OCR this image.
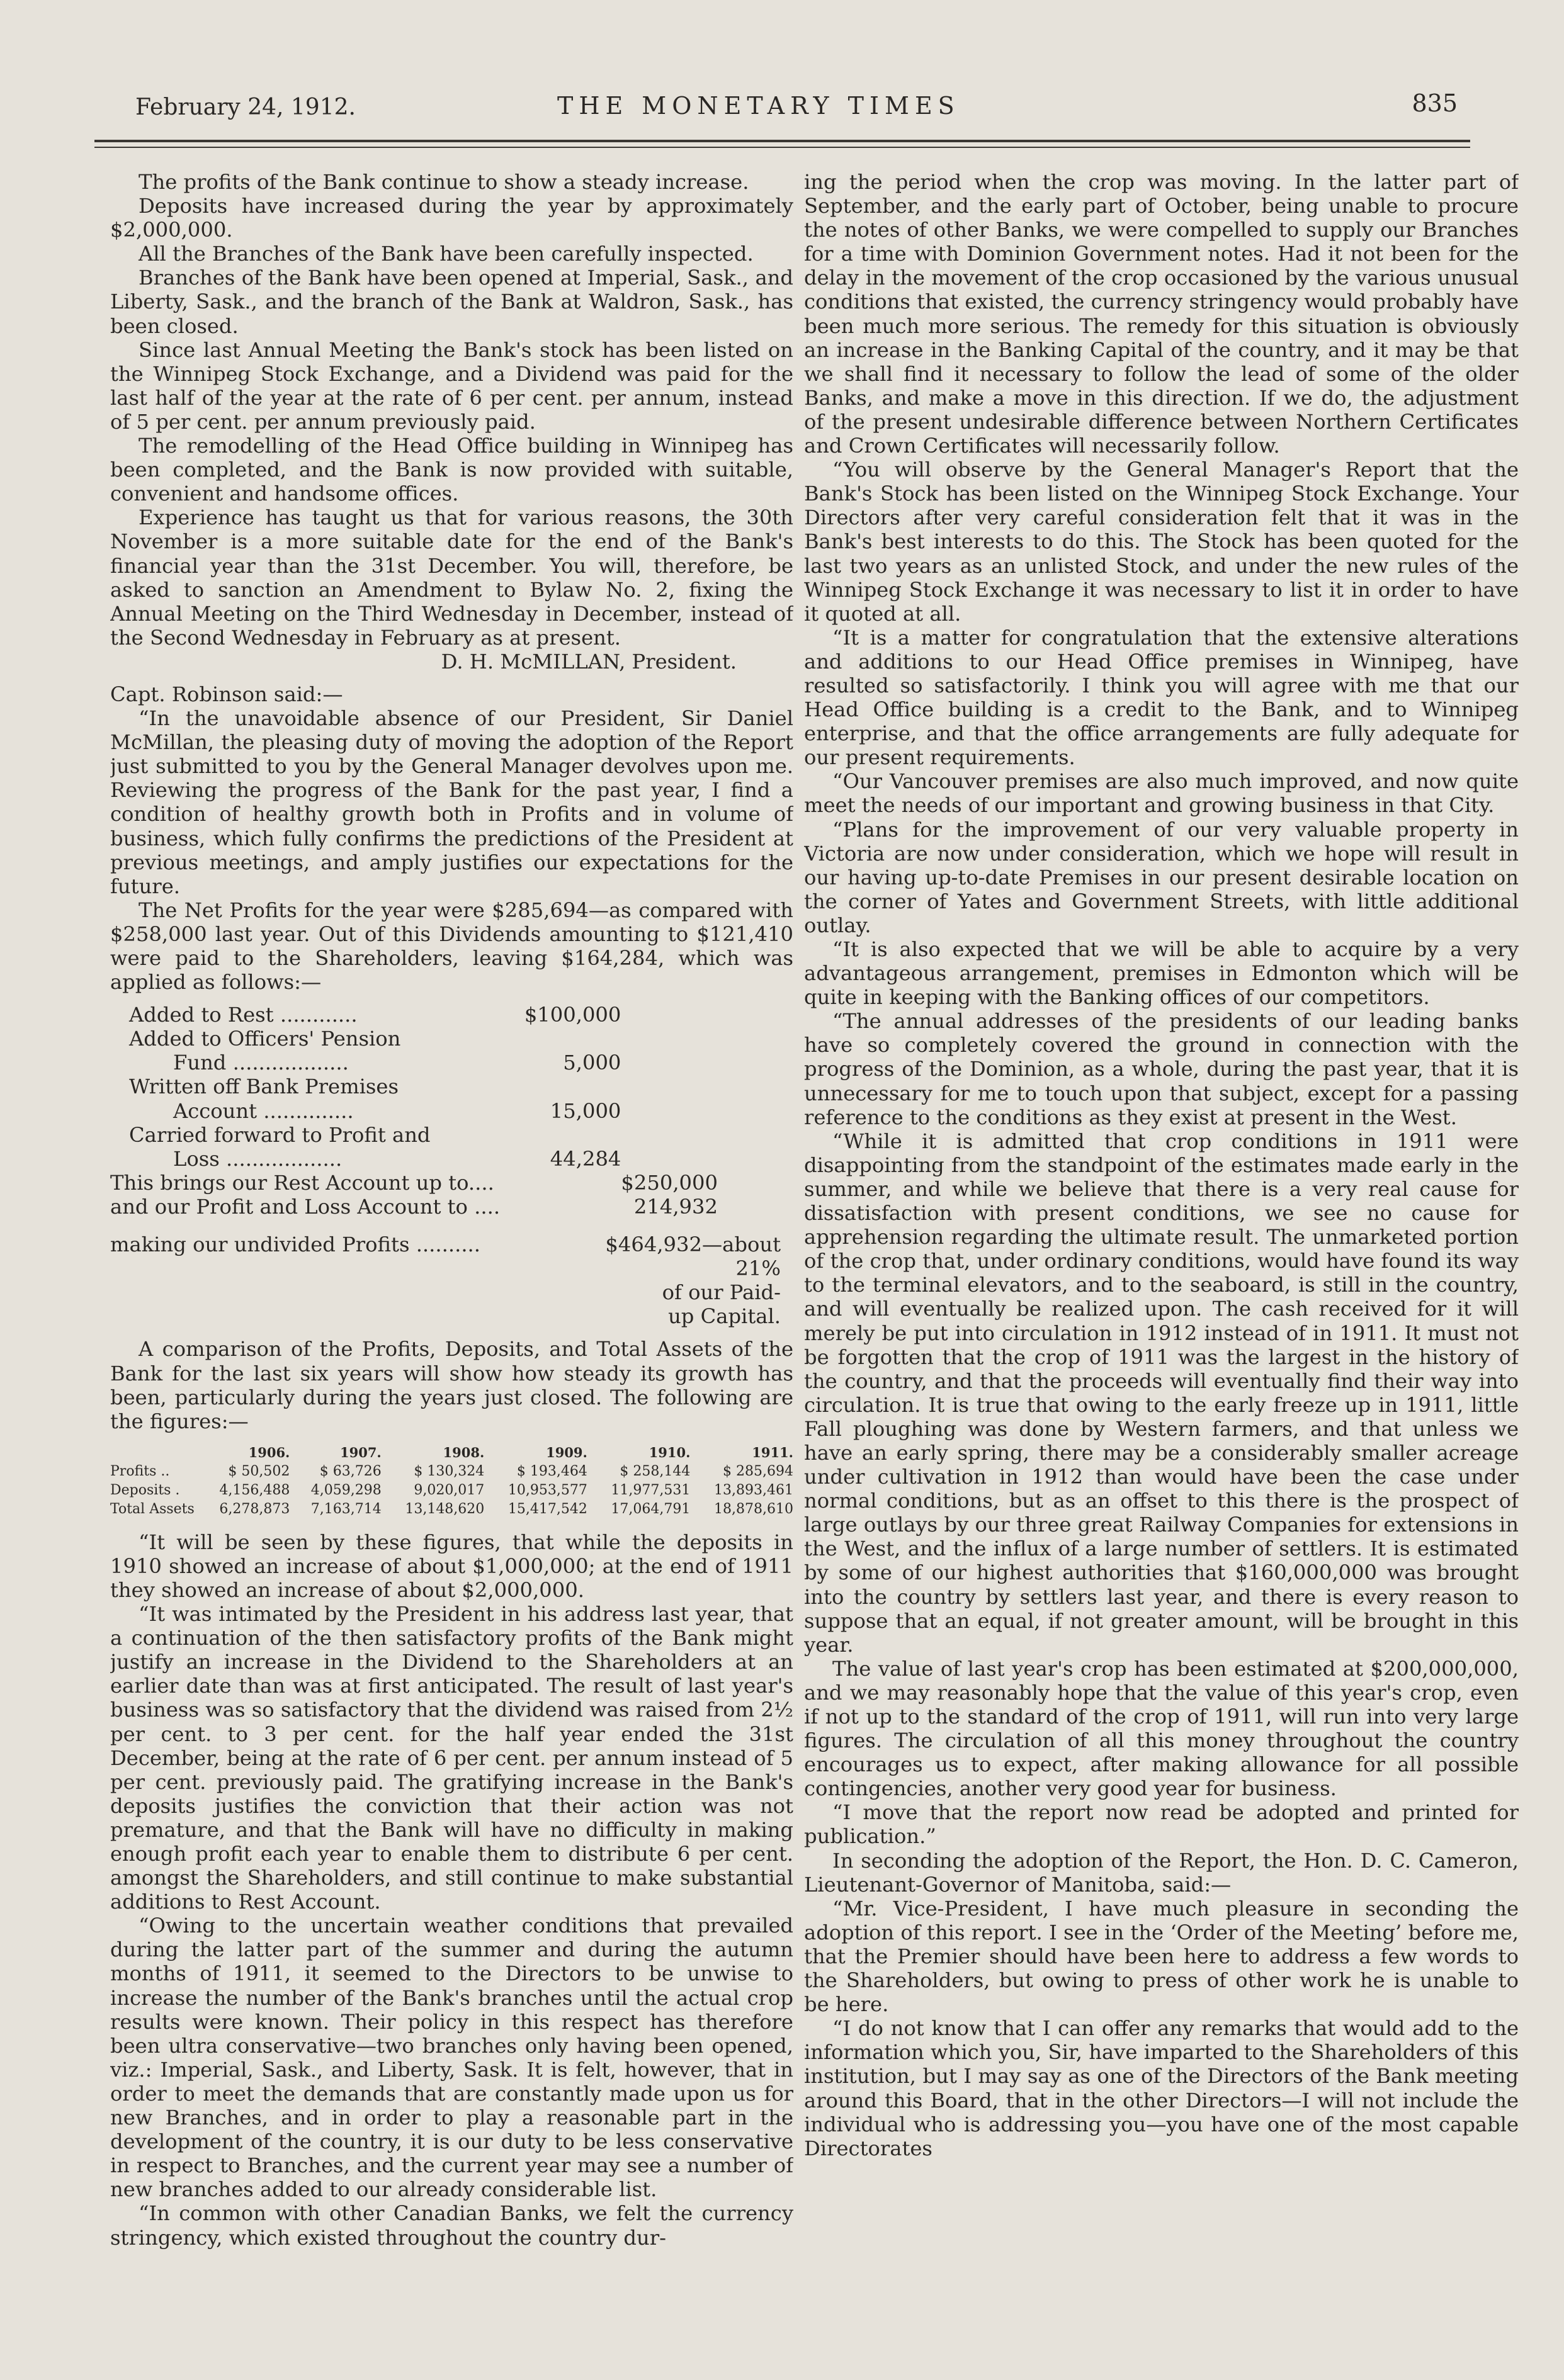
February 24, 1912.	THE MONETARY TIMES	835

The profits of the Bank continue to show a steady increase.

Deposits have increased during the year by approximately $2,000,000.

All the Branches of the Bank have been carefully inspected.

Branches of the Bank have been opened at Imperial, Sask., and Liberty, Sask., and the branch of the Bank at Waldron, Sask., has been closed.

Since last Annual Meeting the Bank's stock has been listed on the Winnipeg Stock Exchange, and a Dividend was paid for the last half of the year at the rate of 6 per cent. per annum, instead of 5 per cent. per annum previously paid.

The remodelling of the Head Office building in Winnipeg has been completed, and the Bank is now provided with suitable, convenient and handsome offices.

Experience has taught us that for various reasons, the 30th November is a more suitable date for the end of the Bank's financial year than the 31st December. You will, therefore, be asked to sanction an Amendment to Bylaw No. 2, fixing the Annual Meeting on the Third Wednesday in December, instead of the Second Wednesday in February as at present.

D. H. McMILLAN, President.

Capt. Robinson said:—

“In the unavoidable absence of our President, Sir Daniel McMillan, the pleasing duty of moving the adoption of the Report just submitted to you by the General Manager devolves upon me. Reviewing the progress of the Bank for the past year, I find a condition of healthy growth both in Profits and in volume of business, which fully confirms the predictions of the President at previous meetings, and amply justifies our expectations for the future.

The Net Profits for the year were $285,694—as compared with $258,000 last year. Out of this Dividends amounting to $121,410 were paid to the Shareholders, leaving $164,284, which was applied as follows:—

Added to Rest ............	$100,000	
Added to Officers' Pension		
Fund ..................	5,000	
Written off Bank Premises		
Account ..............	15,000	
Carried forward to Profit and		
Loss ..................	44,284	
This brings our Rest Account up to....		$250,000
and our Profit and Loss Account to ....		214,932
making our undivided Profits ..........	$464,932—about 21%
of our Paid-
up Capital.

A comparison of the Profits, Deposits, and Total Assets of the Bank for the last six years will show how steady its growth has been, particularly during the years just closed. The following are the figures:—

	1906.	1907.	1908.	1909.	1910.	1911.
Profits ..	$ 50,502	$ 63,726	$ 130,324	$ 193,464	$ 258,144	$ 285,694
Deposits .	4,156,488	4,059,298	9,020,017	10,953,577	11,977,531	13,893,461
Total Assets	6,278,873	7,163,714	13,148,620	15,417,542	17,064,791	18,878,610

“It will be seen by these figures, that while the deposits in 1910 showed an increase of about $1,000,000; at the end of 1911 they showed an increase of about $2,000,000.

“It was intimated by the President in his address last year, that a continuation of the then satisfactory profits of the Bank might justify an increase in the Dividend to the Shareholders at an earlier date than was at first anticipated. The result of last year's business was so satisfactory that the dividend was raised from 2½ per cent. to 3 per cent. for the half year ended the 31st December, being at the rate of 6 per cent. per annum instead of 5 per cent. previously paid. The gratifying increase in the Bank's deposits justifies the conviction that their action was not premature, and that the Bank will have no difficulty in making enough profit each year to enable them to distribute 6 per cent. amongst the Shareholders, and still continue to make substantial additions to Rest Account.

“Owing to the uncertain weather conditions that prevailed during the latter part of the summer and during the autumn months of 1911, it seemed to the Directors to be unwise to increase the number of the Bank's branches until the actual crop results were known. Their policy in this respect has therefore been ultra conservative—two branches only having been opened, viz.: Imperial, Sask., and Liberty, Sask. It is felt, however, that in order to meet the demands that are constantly made upon us for new Branches, and in order to play a reasonable part in the development of the country, it is our duty to be less conservative in respect to Branches, and the current year may see a number of new branches added to our already considerable list.

“In common with other Canadian Banks, we felt the currency stringency, which existed throughout the country dur-

ing the period when the crop was moving. In the latter part of September, and the early part of October, being unable to procure the notes of other Banks, we were compelled to supply our Branches for a time with Dominion Government notes. Had it not been for the delay in the movement of the crop occasioned by the various unusual conditions that existed, the currency stringency would probably have been much more serious. The remedy for this situation is obviously an increase in the Banking Capital of the country, and it may be that we shall find it necessary to follow the lead of some of the older Banks, and make a move in this direction. If we do, the adjustment of the present undesirable difference between Northern Certificates and Crown Certificates will necessarily follow.

“You will observe by the General Manager's Report that the Bank's Stock has been listed on the Winnipeg Stock Exchange. Your Directors after very careful consideration felt that it was in the Bank's best interests to do this. The Stock has been quoted for the last two years as an unlisted Stock, and under the new rules of the Winnipeg Stock Exchange it was necessary to list it in order to have it quoted at all.

“It is a matter for congratulation that the extensive alterations and additions to our Head Office premises in Winnipeg, have resulted so satisfactorily. I think you will agree with me that our Head Office building is a credit to the Bank, and to Winnipeg enterprise, and that the office arrangements are fully adequate for our present requirements.

“Our Vancouver premises are also much improved, and now quite meet the needs of our important and growing business in that City.

“Plans for the improvement of our very valuable property in Victoria are now under consideration, which we hope will result in our having up-to-date Premises in our present desirable location on the corner of Yates and Government Streets, with little additional outlay.

“It is also expected that we will be able to acquire by a very advantageous arrangement, premises in Edmonton which will be quite in keeping with the Banking offices of our competitors.

“The annual addresses of the presidents of our leading banks have so completely covered the ground in connection with the progress of the Dominion, as a whole, during the past year, that it is unnecessary for me to touch upon that subject, except for a passing reference to the conditions as they exist at present in the West.

“While it is admitted that crop conditions in 1911 were disappointing from the standpoint of the estimates made early in the summer, and while we believe that there is a very real cause for dissatisfaction with present conditions, we see no cause for apprehension regarding the ultimate result. The unmarketed portion of the crop that, under ordinary conditions, would have found its way to the terminal elevators, and to the seaboard, is still in the country, and will eventually be realized upon. The cash received for it will merely be put into circulation in 1912 instead of in 1911. It must not be forgotten that the crop of 1911 was the largest in the history of the country, and that the proceeds will eventually find their way into circulation. It is true that owing to the early freeze up in 1911, little Fall ploughing was done by Western farmers, and that unless we have an early spring, there may be a considerably smaller acreage under cultivation in 1912 than would have been the case under normal conditions, but as an offset to this there is the prospect of large outlays by our three great Railway Companies for extensions in the West, and the influx of a large number of settlers. It is estimated by some of our highest authorities that $160,000,000 was brought into the country by settlers last year, and there is every reason to suppose that an equal, if not greater amount, will be brought in this year.

The value of last year's crop has been estimated at $200,000,000, and we may reasonably hope that the value of this year's crop, even if not up to the standard of the crop of 1911, will run into very large figures. The circulation of all this money throughout the country encourages us to expect, after making allowance for all possible contingencies, another very good year for business.

“I move that the report now read be adopted and printed for publication.”

In seconding the adoption of the Report, the Hon. D. C. Cameron, Lieutenant-Governor of Manitoba, said:—

“Mr. Vice-President, I have much pleasure in seconding the adoption of this report. I see in the ‘Order of the Meeting’ before me, that the Premier should have been here to address a few words to the Shareholders, but owing to press of other work he is unable to be here.

“I do not know that I can offer any remarks that would add to the information which you, Sir, have imparted to the Shareholders of this institution, but I may say as one of the Directors of the Bank meeting around this Board, that in the other Directors—I will not include the individual who is addressing you—you have one of the most capable Directorates
